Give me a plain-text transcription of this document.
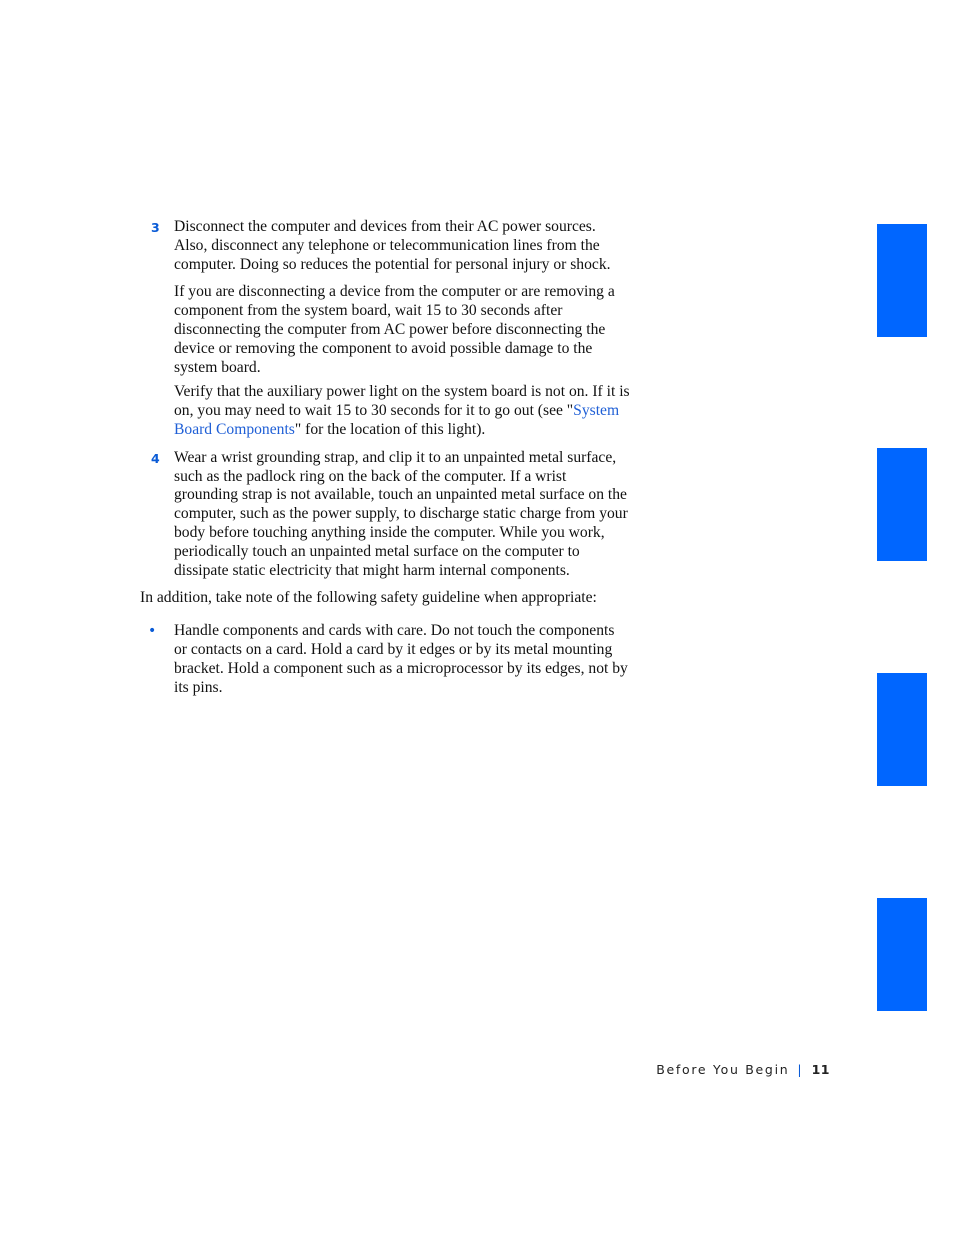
3 Disconnect the computer and devices from their AC power sources. Also, disconnect any telephone or telecommunication lines from the computer. Doing so reduces the potential for personal injury or shock.

If you are disconnecting a device from the computer or are removing a component from the system board, wait 15 to 30 seconds after disconnecting the computer from AC power before disconnecting the device or removing the component to avoid possible damage to the system board.

Verify that the auxiliary power light on the system board is not on. If it is on, you may need to wait 15 to 30 seconds for it to go out (see "System Board Components" for the location of this light).

4 Wear a wrist grounding strap, and clip it to an unpainted metal surface, such as the padlock ring on the back of the computer. If a wrist grounding strap is not available, touch an unpainted metal surface on the computer, such as the power supply, to discharge static charge from your body before touching anything inside the computer. While you work, periodically touch an unpainted metal surface on the computer to dissipate static electricity that might harm internal components.

In addition, take note of the following safety guideline when appropriate:

• Handle components and cards with care. Do not touch the components or contacts on a card. Hold a card by it edges or by its metal mounting bracket. Hold a component such as a microprocessor by its edges, not by its pins.

Before You Begin | 11
